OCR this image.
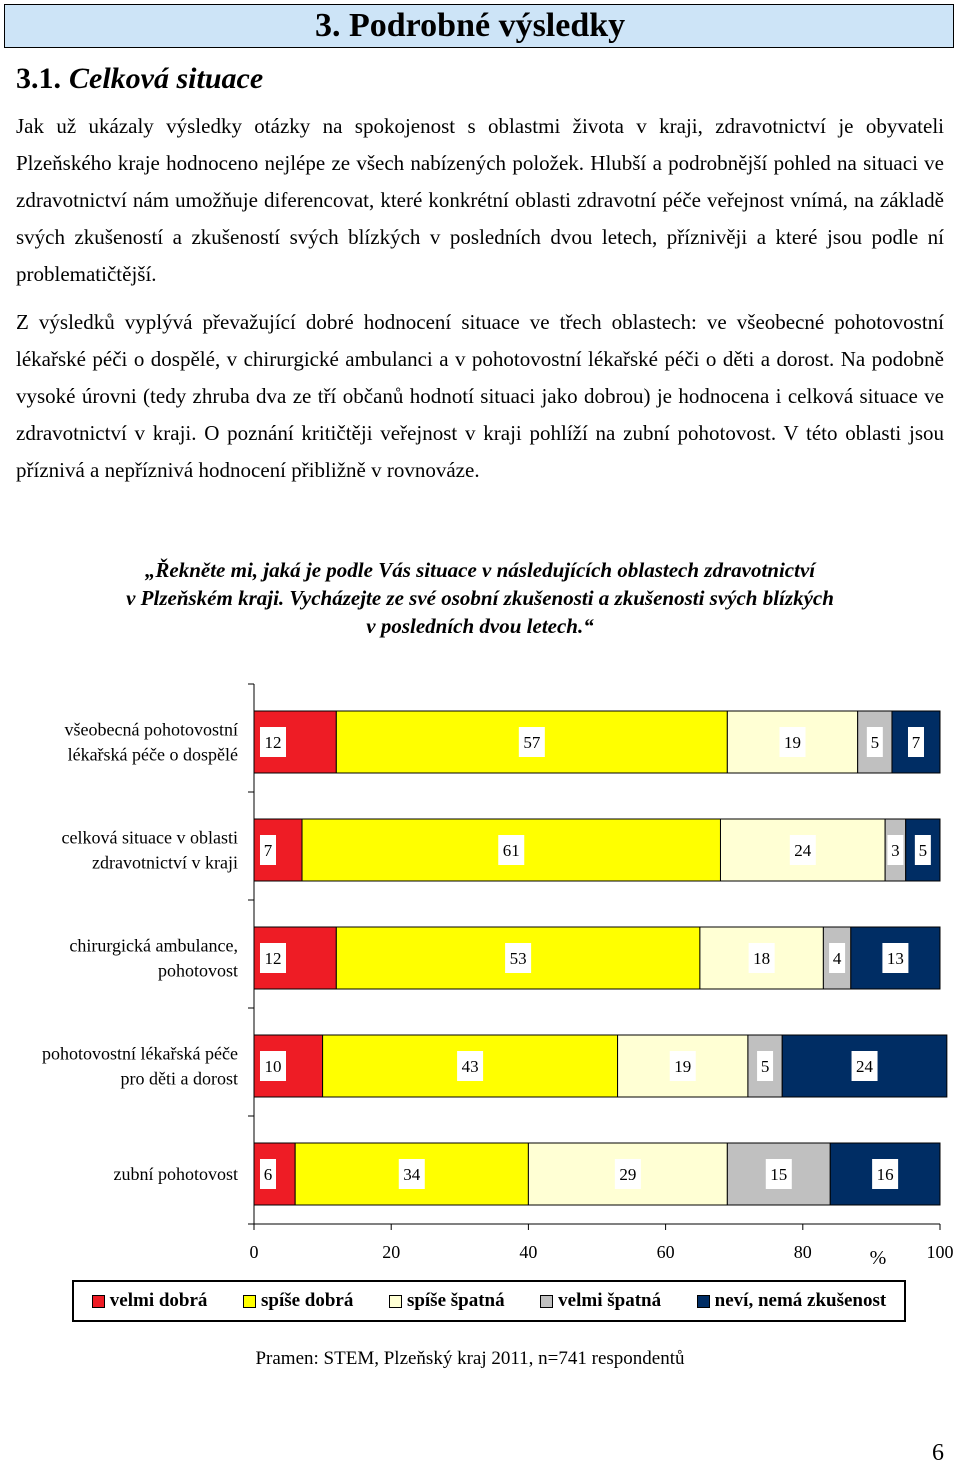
3. Podrobné výsledky
3.1. Celková situace
Jak už ukázaly výsledky otázky na spokojenost s oblastmi života v kraji, zdravotnictví je obyvateli Plzeňského kraje hodnoceno nejlépe ze všech nabízených položek. Hlubší a podrobnější pohled na situaci ve zdravotnictví nám umožňuje diferencovat, které konkrétní oblasti zdravotní péče veřejnost vnímá, na základě svých zkušeností a zkušeností svých blízkých v posledních dvou letech, příznivěji a které jsou podle ní problematičtější.
Z výsledků vyplývá převažující dobré hodnocení situace ve třech oblastech: ve všeobecné pohotovostní lékařské péči o dospělé, v chirurgické ambulanci a v pohotovostní lékařské péči o děti a dorost. Na podobně vysoké úrovni (tedy zhruba dva ze tří občanů hodnotí situaci jako dobrou) je hodnocena i celková situace ve zdravotnictví v kraji. O poznání kritičtěji veřejnost v kraji pohlíží na zubní pohotovost. V této oblasti jsou příznivá a nepříznivá hodnocení přibližně v rovnováze.
„Řekněte mi, jaká je podle Vás situace v následujících oblastech zdravotnictví
v Plzeňském kraji. Vycházejte ze své osobní zkušenosti a zkušenosti svých blízkých
v posledních dvou letech.“
0	20	40	60	80	100
%
všeobecná pohotovostní
lékařská péče o dospělé
12	57	19	5 7
celková situace v oblasti
zdravotnictví v kraji
7	61	24	3 5
chirurgická ambulance,
pohotovost
12	53	18	4	13
pohotovostní lékařská péče
pro děti a dorost
10	43	19	5	24
zubní pohotovost 6	34	29	15	16
velmi dobrá	spíše dobrá	spíše špatná	velmi špatná	neví, nemá zkušenost
Pramen: STEM, Plzeňský kraj 2011, n=741 respondentů
6
